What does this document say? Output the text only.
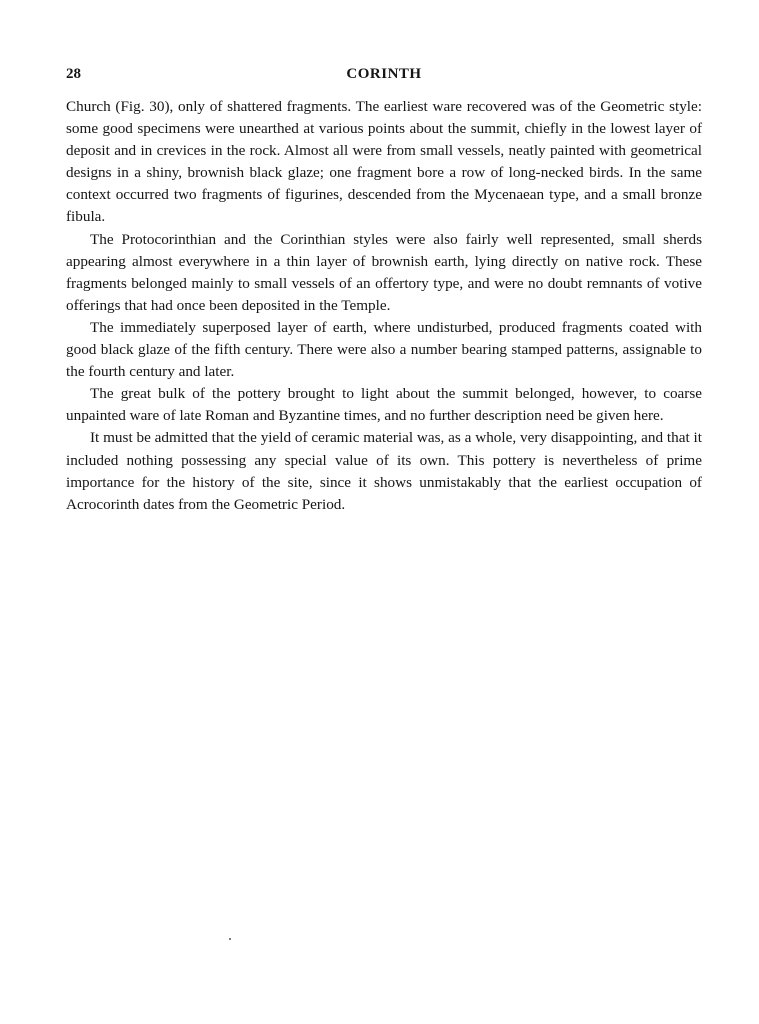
28	CORINTH

Church (Fig. 30), only of shattered fragments. The earliest ware recovered was of the Geometric style: some good specimens were unearthed at various points about the summit, chiefly in the lowest layer of deposit and in crevices in the rock. Almost all were from small vessels, neatly painted with geometrical designs in a shiny, brownish black glaze; one fragment bore a row of long-necked birds. In the same context occurred two fragments of figurines, descended from the Mycenaean type, and a small bronze fibula.

The Protocorinthian and the Corinthian styles were also fairly well represented, small sherds appearing almost everywhere in a thin layer of brownish earth, lying directly on native rock. These fragments belonged mainly to small vessels of an offertory type, and were no doubt remnants of votive offerings that had once been deposited in the Temple.

The immediately superposed layer of earth, where undisturbed, produced fragments coated with good black glaze of the fifth century. There were also a number bearing stamped patterns, assignable to the fourth century and later.

The great bulk of the pottery brought to light about the summit belonged, however, to coarse unpainted ware of late Roman and Byzantine times, and no further description need be given here.

It must be admitted that the yield of ceramic material was, as a whole, very disappointing, and that it included nothing possessing any special value of its own. This pottery is nevertheless of prime importance for the history of the site, since it shows unmistakably that the earliest occupation of Acrocorinth dates from the Geometric Period.
